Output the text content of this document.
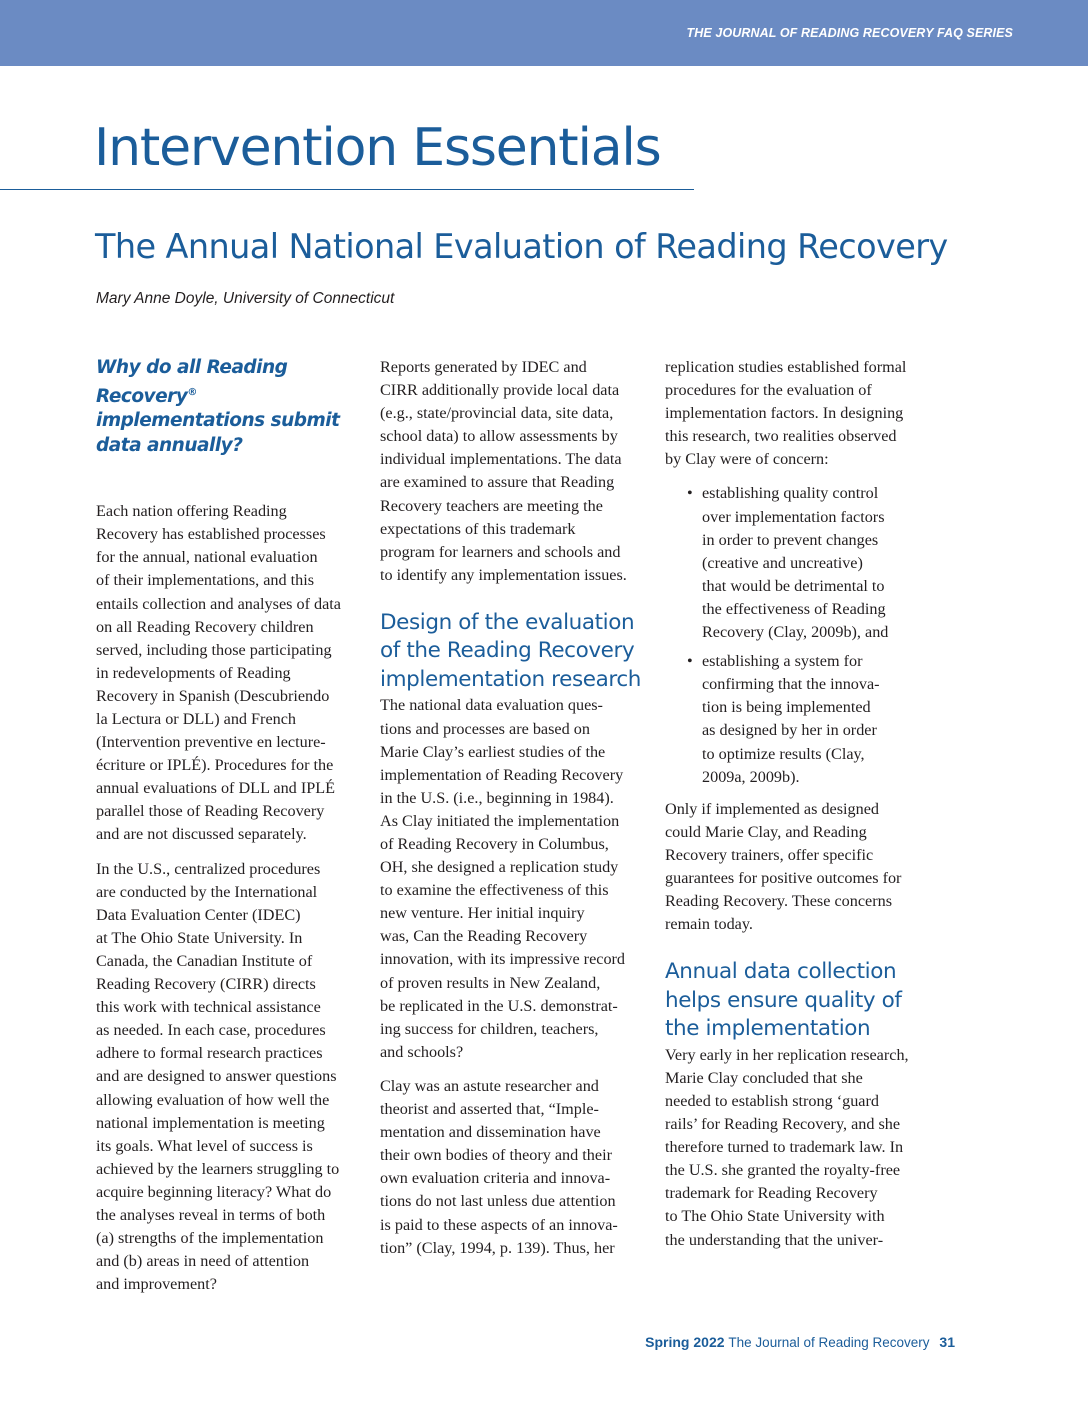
THE JOURNAL OF READING RECOVERY FAQ SERIES
Intervention Essentials
The Annual National Evaluation of Reading Recovery
Mary Anne Doyle, University of Connecticut
Why do all Reading Recovery® implementations submit data annually?

Each nation offering Reading
Recovery has established processes
for the annual, national evaluation
of their implementations, and this
entails collection and analyses of data
on all Reading Recovery children
served, including those participating
in redevelopments of Reading
Recovery in Spanish (Descubriendo
la Lectura or DLL) and French
(Intervention preventive en lecture-
écriture or IPLÉ). Procedures for the
annual evaluations of DLL and IPLÉ
parallel those of Reading Recovery
and are not discussed separately.

In the U.S., centralized procedures
are conducted by the International
Data Evaluation Center (IDEC)
at The Ohio State University. In
Canada, the Canadian Institute of
Reading Recovery (CIRR) directs
this work with technical assistance
as needed. In each case, procedures
adhere to formal research practices
and are designed to answer questions
allowing evaluation of how well the
national implementation is meeting
its goals. What level of success is
achieved by the learners struggling to
acquire beginning literacy? What do
the analyses reveal in terms of both
(a) strengths of the implementation
and (b) areas in need of attention
and improvement?

Reports generated by IDEC and
CIRR additionally provide local data
(e.g., state/provincial data, site data,
school data) to allow assessments by
individual implementations. The data
are examined to assure that Reading
Recovery teachers are meeting the
expectations of this trademark
program for learners and schools and
to identify any implementation issues.

Design of the evaluation
of the Reading Recovery
implementation research

The national data evaluation ques-
tions and processes are based on
Marie Clay’s earliest studies of the
implementation of Reading Recovery
in the U.S. (i.e., beginning in 1984).
As Clay initiated the implementation
of Reading Recovery in Columbus,
OH, she designed a replication study
to examine the effectiveness of this
new venture. Her initial inquiry
was, Can the Reading Recovery
innovation, with its impressive record
of proven results in New Zealand,
be replicated in the U.S. demonstrat-
ing success for children, teachers,
and schools?

Clay was an astute researcher and
theorist and asserted that, “Imple-
mentation and dissemination have
their own bodies of theory and their
own evaluation criteria and innova-
tions do not last unless due attention
is paid to these aspects of an innova-
tion” (Clay, 1994, p. 139). Thus, her

replication studies established formal
procedures for the evaluation of
implementation factors. In designing
this research, two realities observed
by Clay were of concern:

• establishing quality control
over implementation factors
in order to prevent changes
(creative and uncreative)
that would be detrimental to
the effectiveness of Reading
Recovery (Clay, 2009b), and
• establishing a system for
confirming that the innova-
tion is being implemented
as designed by her in order
to optimize results (Clay,
2009a, 2009b).

Only if implemented as designed
could Marie Clay, and Reading
Recovery trainers, offer specific
guarantees for positive outcomes for
Reading Recovery. These concerns
remain today.

Annual data collection
helps ensure quality of
the implementation

Very early in her replication research,
Marie Clay concluded that she
needed to establish strong ‘guard
rails’ for Reading Recovery, and she
therefore turned to trademark law. In
the U.S. she granted the royalty-free
trademark for Reading Recovery
to The Ohio State University with
the understanding that the univer-

Spring 2022 The Journal of Reading Recovery 31
